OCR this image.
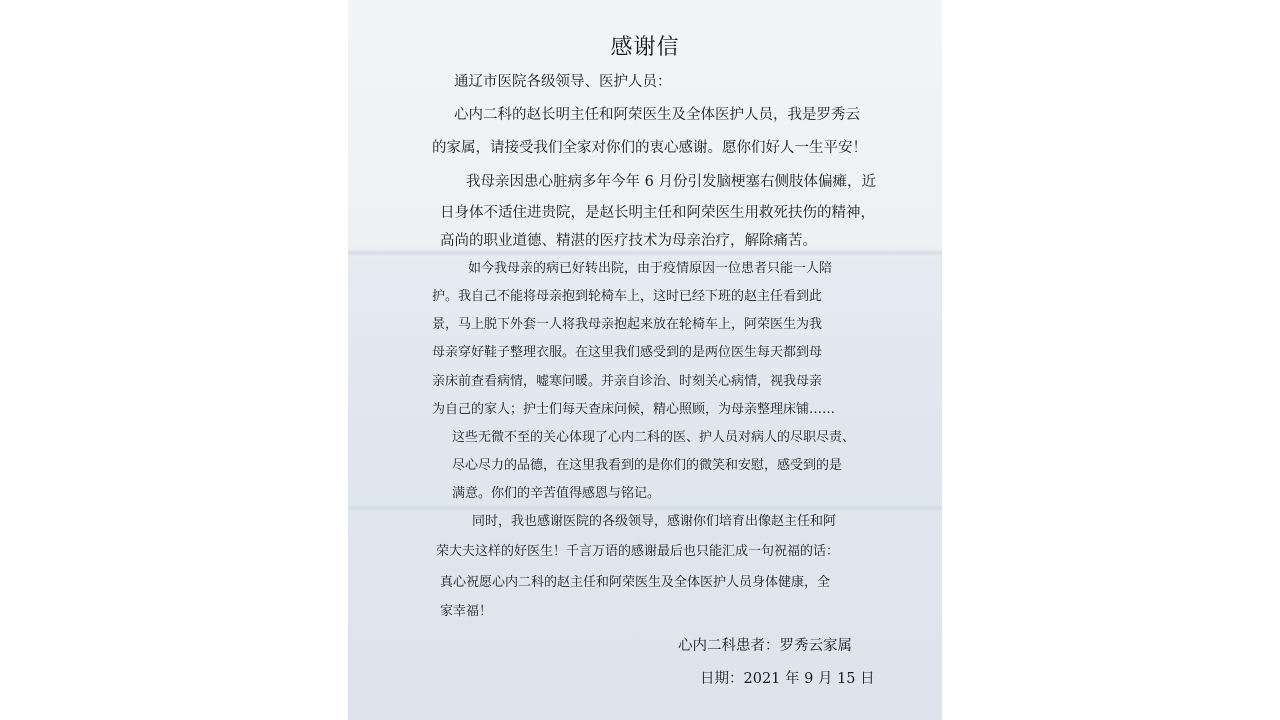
感谢信
通辽市医院各级领导、医护人员：
心内二科的赵长明主任和阿荣医生及全体医护人员，我是罗秀云
的家属，请接受我们全家对你们的衷心感谢。愿你们好人一生平安！
我母亲因患心脏病多年今年 6 月份引发脑梗塞右侧肢体偏瘫，近
日身体不适住进贵院，是赵长明主任和阿荣医生用救死扶伤的精神，
高尚的职业道德、精湛的医疗技术为母亲治疗，解除痛苦。
如今我母亲的病已好转出院，由于疫情原因一位患者只能一人陪
护。我自己不能将母亲抱到轮椅车上，这时已经下班的赵主任看到此
景，马上脱下外套一人将我母亲抱起来放在轮椅车上，阿荣医生为我
母亲穿好鞋子整理衣服。在这里我们感受到的是两位医生每天都到母
亲床前查看病情，嘘寒问暖。并亲自诊治、时刻关心病情，视我母亲
为自己的家人；护士们每天查床问候，精心照顾，为母亲整理床铺……
这些无微不至的关心体现了心内二科的医、护人员对病人的尽职尽责、
尽心尽力的品德，在这里我看到的是你们的微笑和安慰，感受到的是
满意。你们的辛苦值得感恩与铭记。
同时，我也感谢医院的各级领导，感谢你们培育出像赵主任和阿
荣大夫这样的好医生！千言万语的感谢最后也只能汇成一句祝福的话：
真心祝愿心内二科的赵主任和阿荣医生及全体医护人员身体健康，全
家幸福！
心内二科患者：罗秀云家属
日期：2021 年 9 月 15 日
